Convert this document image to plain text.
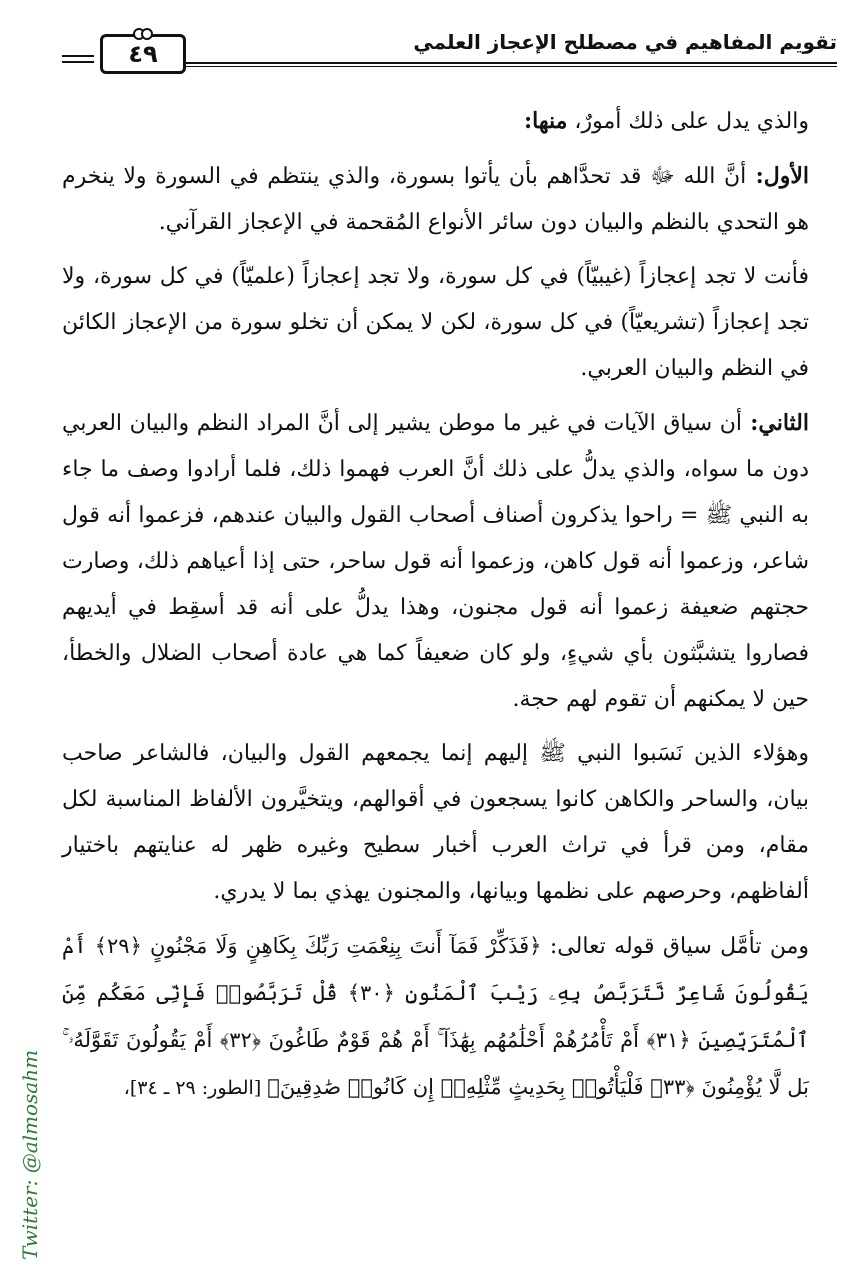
تقويم المفاهيم في مصطلح الإعجاز العلمي
٤٩

والذي يدل على ذلك أمورٌ، منها:

الأول: أنَّ الله ﷻ قد تحدَّاهم بأن يأتوا بسورة، والذي ينتظم في السورة ولا ينخرم هو التحدي بالنظم والبيان دون سائر الأنواع المُقحمة في الإعجاز القرآني.

فأنت لا تجد إعجازاً (غيبيّاً) في كل سورة، ولا تجد إعجازاً (علميّاً) في كل سورة، ولا تجد إعجازاً (تشريعيّاً) في كل سورة، لكن لا يمكن أن تخلو سورة من الإعجاز الكائن في النظم والبيان العربي.

الثاني: أن سياق الآيات في غير ما موطن يشير إلى أنَّ المراد النظم والبيان العربي دون ما سواه، والذي يدلُّ على ذلك أنَّ العرب فهموا ذلك، فلما أرادوا وصف ما جاء به النبي ﷺ = راحوا يذكرون أصناف أصحاب القول والبيان عندهم، فزعموا أنه قول شاعر، وزعموا أنه قول كاهن، وزعموا أنه قول ساحر، حتى إذا أعياهم ذلك، وصارت حجتهم ضعيفة زعموا أنه قول مجنون، وهذا يدلُّ على أنه قد أسقِط في أيديهم فصاروا يتشبَّثون بأي شيءٍ، ولو كان ضعيفاً كما هي عادة أصحاب الضلال والخطأ، حين لا يمكنهم أن تقوم لهم حجة.

وهؤلاء الذين نَسَبوا النبي ﷺ إليهم إنما يجمعهم القول والبيان، فالشاعر صاحب بيان، والساحر والكاهن كانوا يسجعون في أقوالهم، ويتخيَّرون الألفاظ المناسبة لكل مقام، ومن قرأ في تراث العرب أخبار سطيح وغيره ظهر له عنايتهم باختيار ألفاظهم، وحرصهم على نظمها وبيانها، والمجنون يهذي بما لا يدري.

ومن تأمَّل سياق قوله تعالى: ﴿فَذَكِّرْ فَمَآ أَنتَ بِنِعْمَتِ رَبِّكَ بِكَاهِنٍ وَلَا مَجْنُونٍ ﴿٢٩﴾ أَمْ يَقُولُونَ شَاعِرٌ نَّتَرَبَّصُ بِهِۦ رَيْبَ ٱلْمَنُونِ ﴿٣٠﴾ قُلْ تَرَبَّصُوا۟ فَإِنِّى مَعَكُم مِّنَ ٱلْمُتَرَبِّصِينَ ﴿٣١﴾ أَمْ تَأْمُرُهُمْ أَحْلَٰمُهُم بِهَٰذَآ ۚ أَمْ هُمْ قَوْمٌ طَاغُونَ ﴿٣٢﴾ أَمْ يَقُولُونَ تَقَوَّلَهُۥ ۚ بَل لَّا يُؤْمِنُونَ ﴿٣٣﴾ فَلْيَأْتُوا۟ بِحَدِيثٍ مِّثْلِهِۦٓ إِن كَانُوا۟ صَٰدِقِينَ﴾ [الطور: ٢٩ ـ ٣٤]،

Twitter: @almosahm
